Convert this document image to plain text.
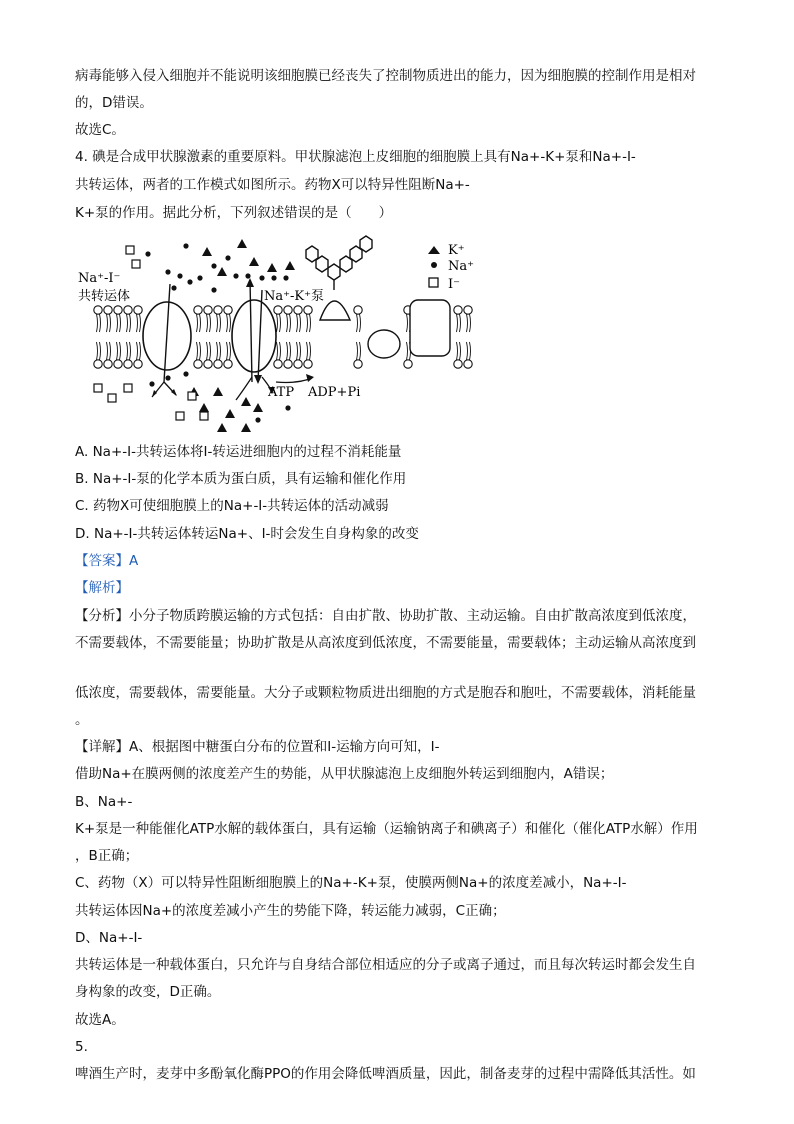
病毒能够入侵入细胞并不能说明该细胞膜已经丧失了控制物质进出的能力，因为细胞膜的控制作用是相对
的，D错误。
故选C。
4. 碘是合成甲状腺激素的重要原料。甲状腺滤泡上皮细胞的细胞膜上具有Na+-K+泵和Na+-I-
共转运体，两者的工作模式如图所示。药物X可以特异性阻断Na+-
K+泵的作用。据此分析，下列叙述错误的是（　　）
Na⁺-I⁻
共转运体	Na⁺-K⁺泵
ATP ADP+Pi
K⁺
Na⁺
I⁻
A. Na+-I-共转运体将I-转运进细胞内的过程不消耗能量
B. Na+-I-泵的化学本质为蛋白质，具有运输和催化作用
C. 药物X可使细胞膜上的Na+-I-共转运体的活动减弱
D. Na+-I-共转运体转运Na+、I-时会发生自身构象的改变
【答案】A
【解析】
【分析】小分子物质跨膜运输的方式包括：自由扩散、协助扩散、主动运输。自由扩散高浓度到低浓度，
不需要载体，不需要能量；协助扩散是从高浓度到低浓度，不需要能量，需要载体；主动运输从高浓度到
低浓度，需要载体，需要能量。大分子或颗粒物质进出细胞的方式是胞吞和胞吐，不需要载体，消耗能量
。
【详解】A、根据图中糖蛋白分布的位置和I-运输方向可知，I-
借助Na+在膜两侧的浓度差产生的势能，从甲状腺滤泡上皮细胞外转运到细胞内，A错误；
B、Na+-
K+泵是一种能催化ATP水解的载体蛋白，具有运输（运输钠离子和碘离子）和催化（催化ATP水解）作用
，B正确；
C、药物（X）可以特异性阻断细胞膜上的Na+-K+泵，使膜两侧Na+的浓度差减小，Na+-I-
共转运体因Na+的浓度差减小产生的势能下降，转运能力减弱，C正确；
D、Na+-I-
共转运体是一种载体蛋白，只允许与自身结合部位相适应的分子或离子通过，而且每次转运时都会发生自
身构象的改变，D正确。
故选A。
5.
啤酒生产时，麦芽中多酚氧化酶PPO的作用会降低啤酒质量，因此，制备麦芽的过程中需降低其活性。如
